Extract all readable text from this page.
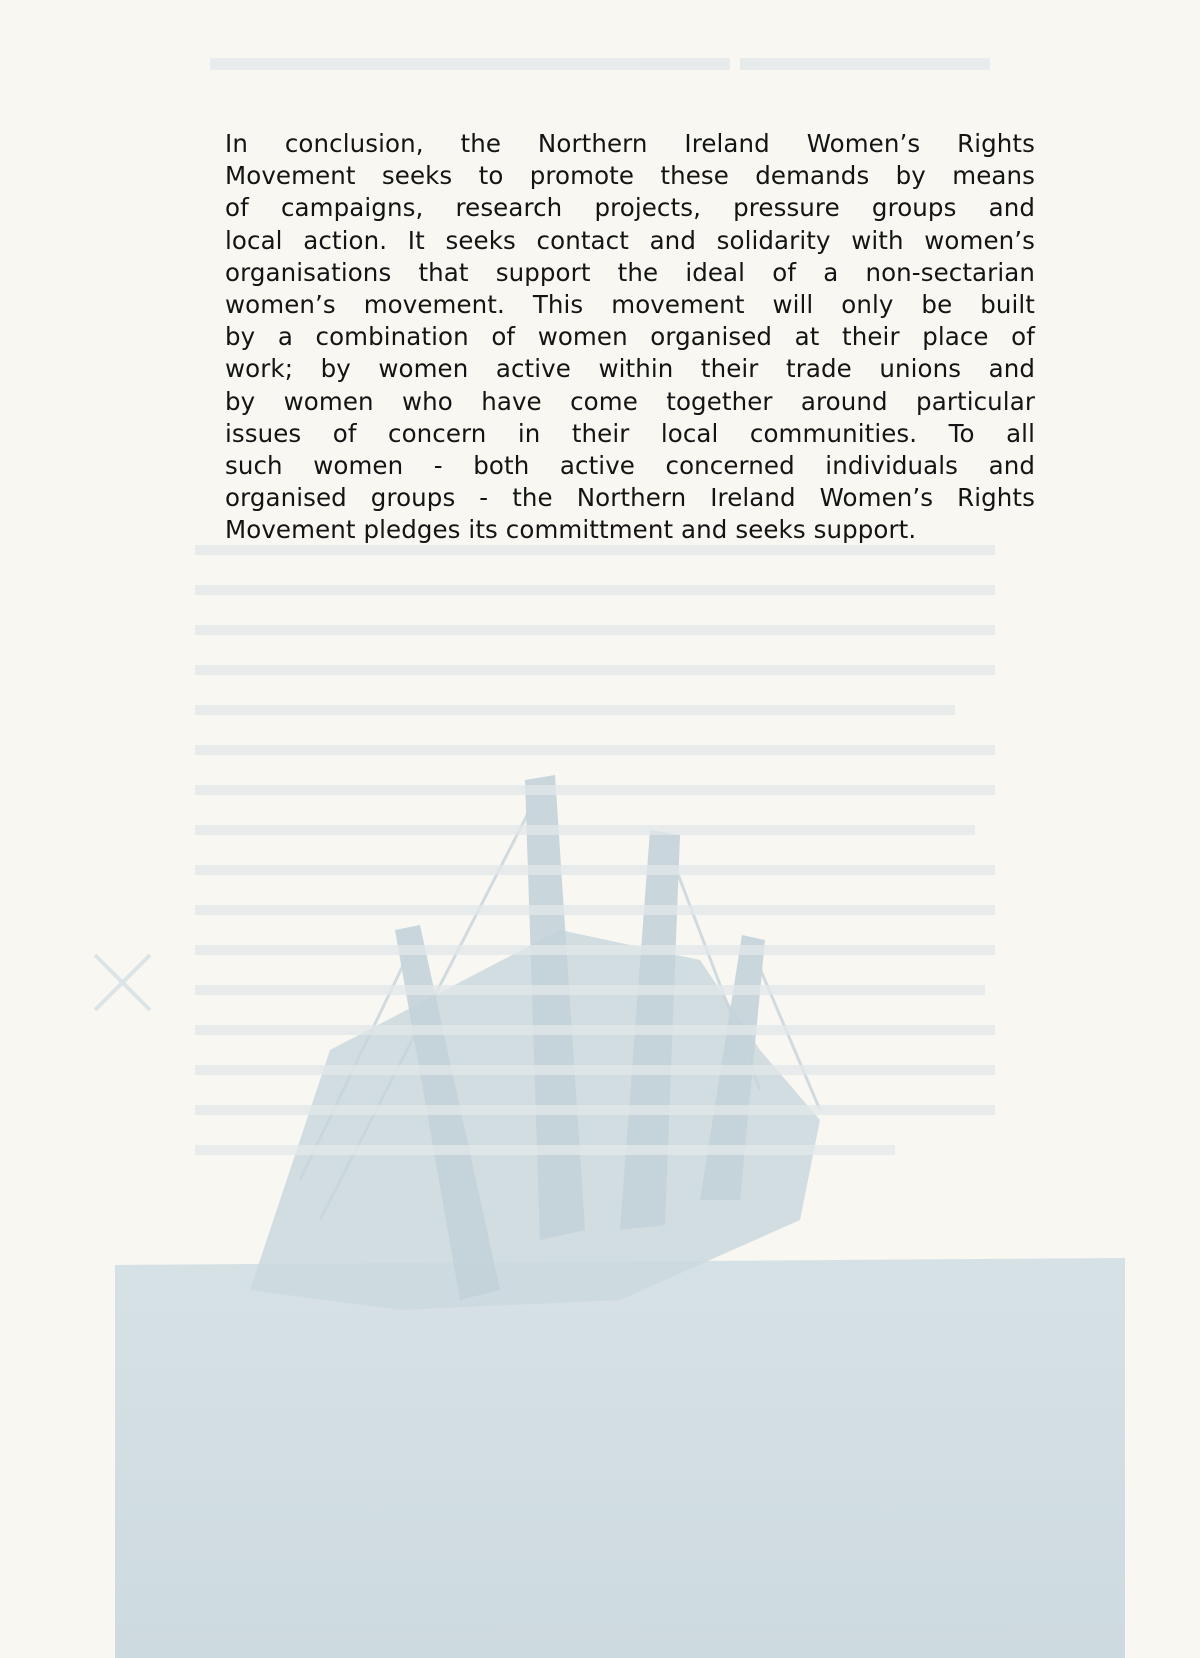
In conclusion, the Northern Ireland Women’s Rights
Movement seeks to promote these demands by means
of campaigns, research projects, pressure groups and
local action. It seeks contact and solidarity with women’s
organisations that support the ideal of a non-sectarian
women’s movement. This movement will only be built
by a combination of women organised at their place of
work; by women active within their trade unions and
by women who have come together around particular
issues of concern in their local communities. To all
such women - both active concerned individuals and
organised groups - the Northern Ireland Women’s Rights
Movement pledges its committment and seeks support.
